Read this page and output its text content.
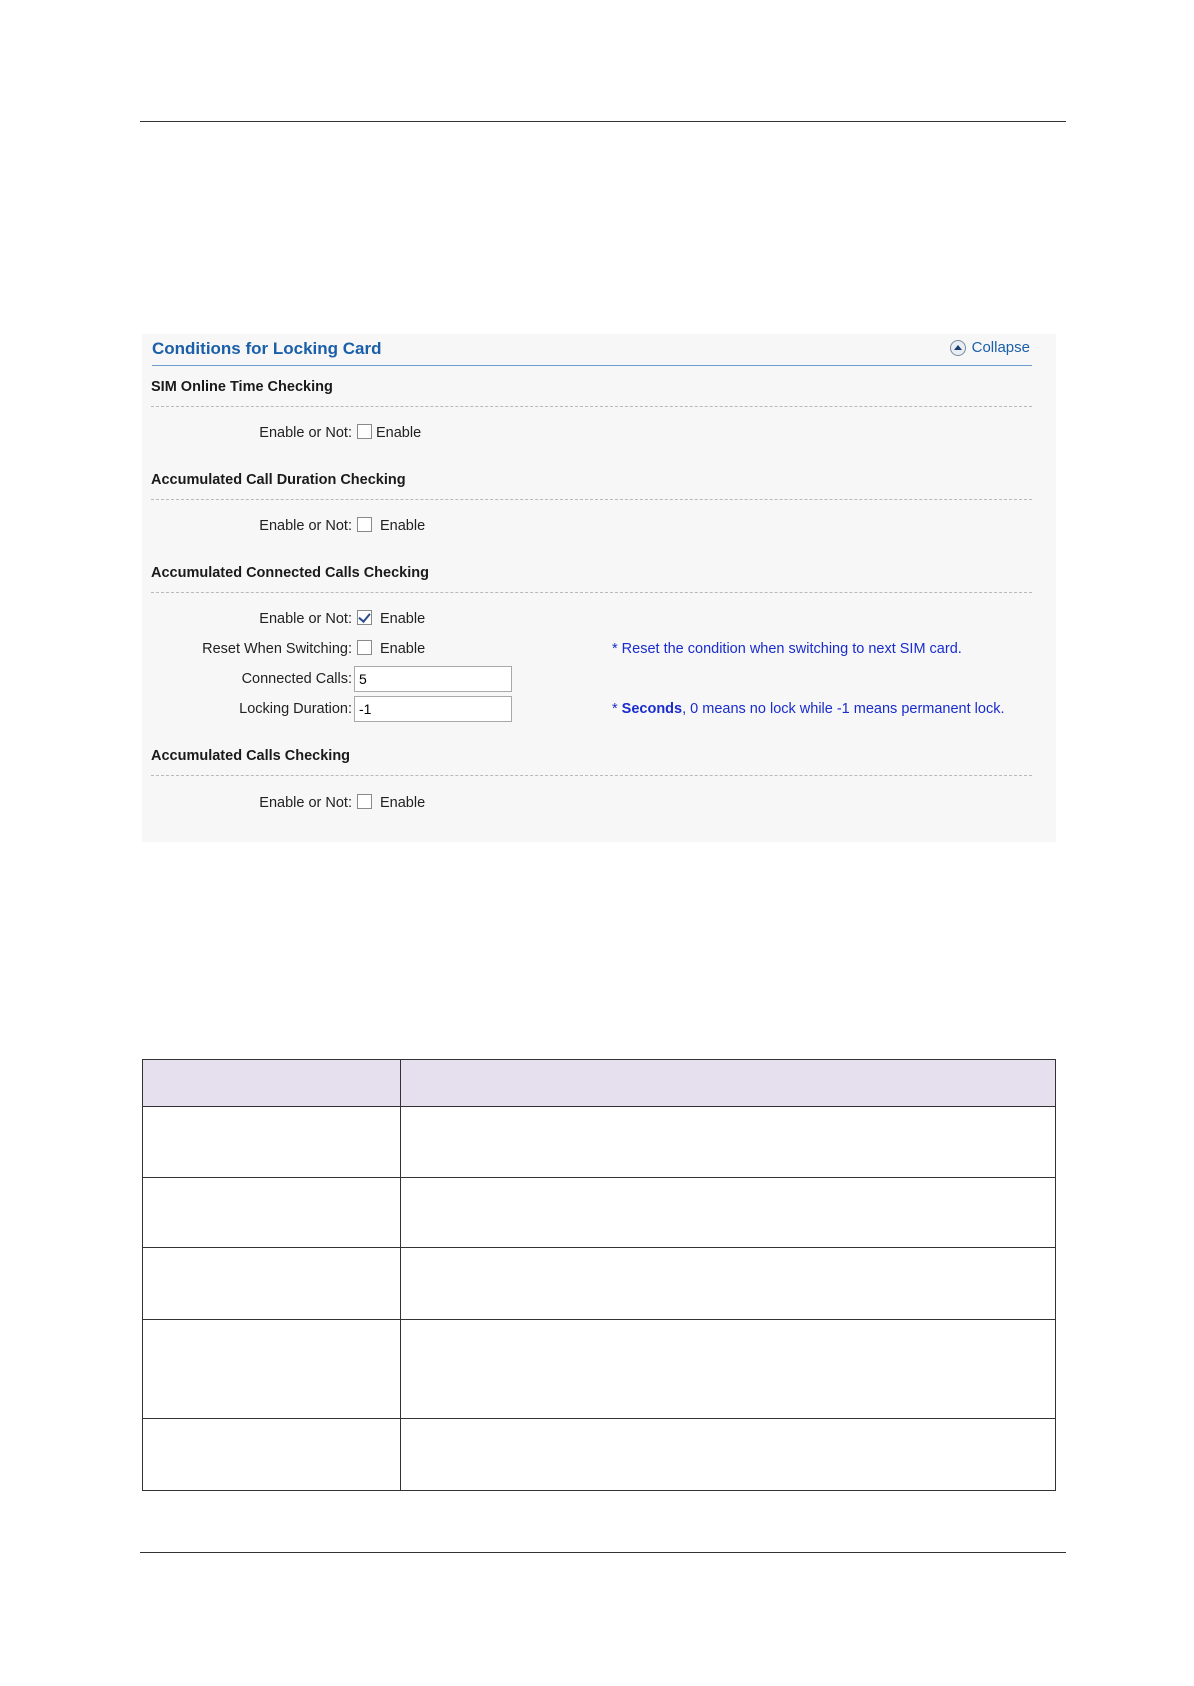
Conditions for Locking Card	Collapse
SIM Online Time Checking
Enable or Not: Enable
Accumulated Call Duration Checking
Enable or Not: Enable
Accumulated Connected Calls Checking
Enable or Not: Enable
Reset When Switching: Enable	* Reset the condition when switching to next SIM card.
Connected Calls:
5
Locking Duration:
-1	* Seconds, 0 means no lock while -1 means permanent lock.
Accumulated Calls Checking
Enable or Not: Enable
